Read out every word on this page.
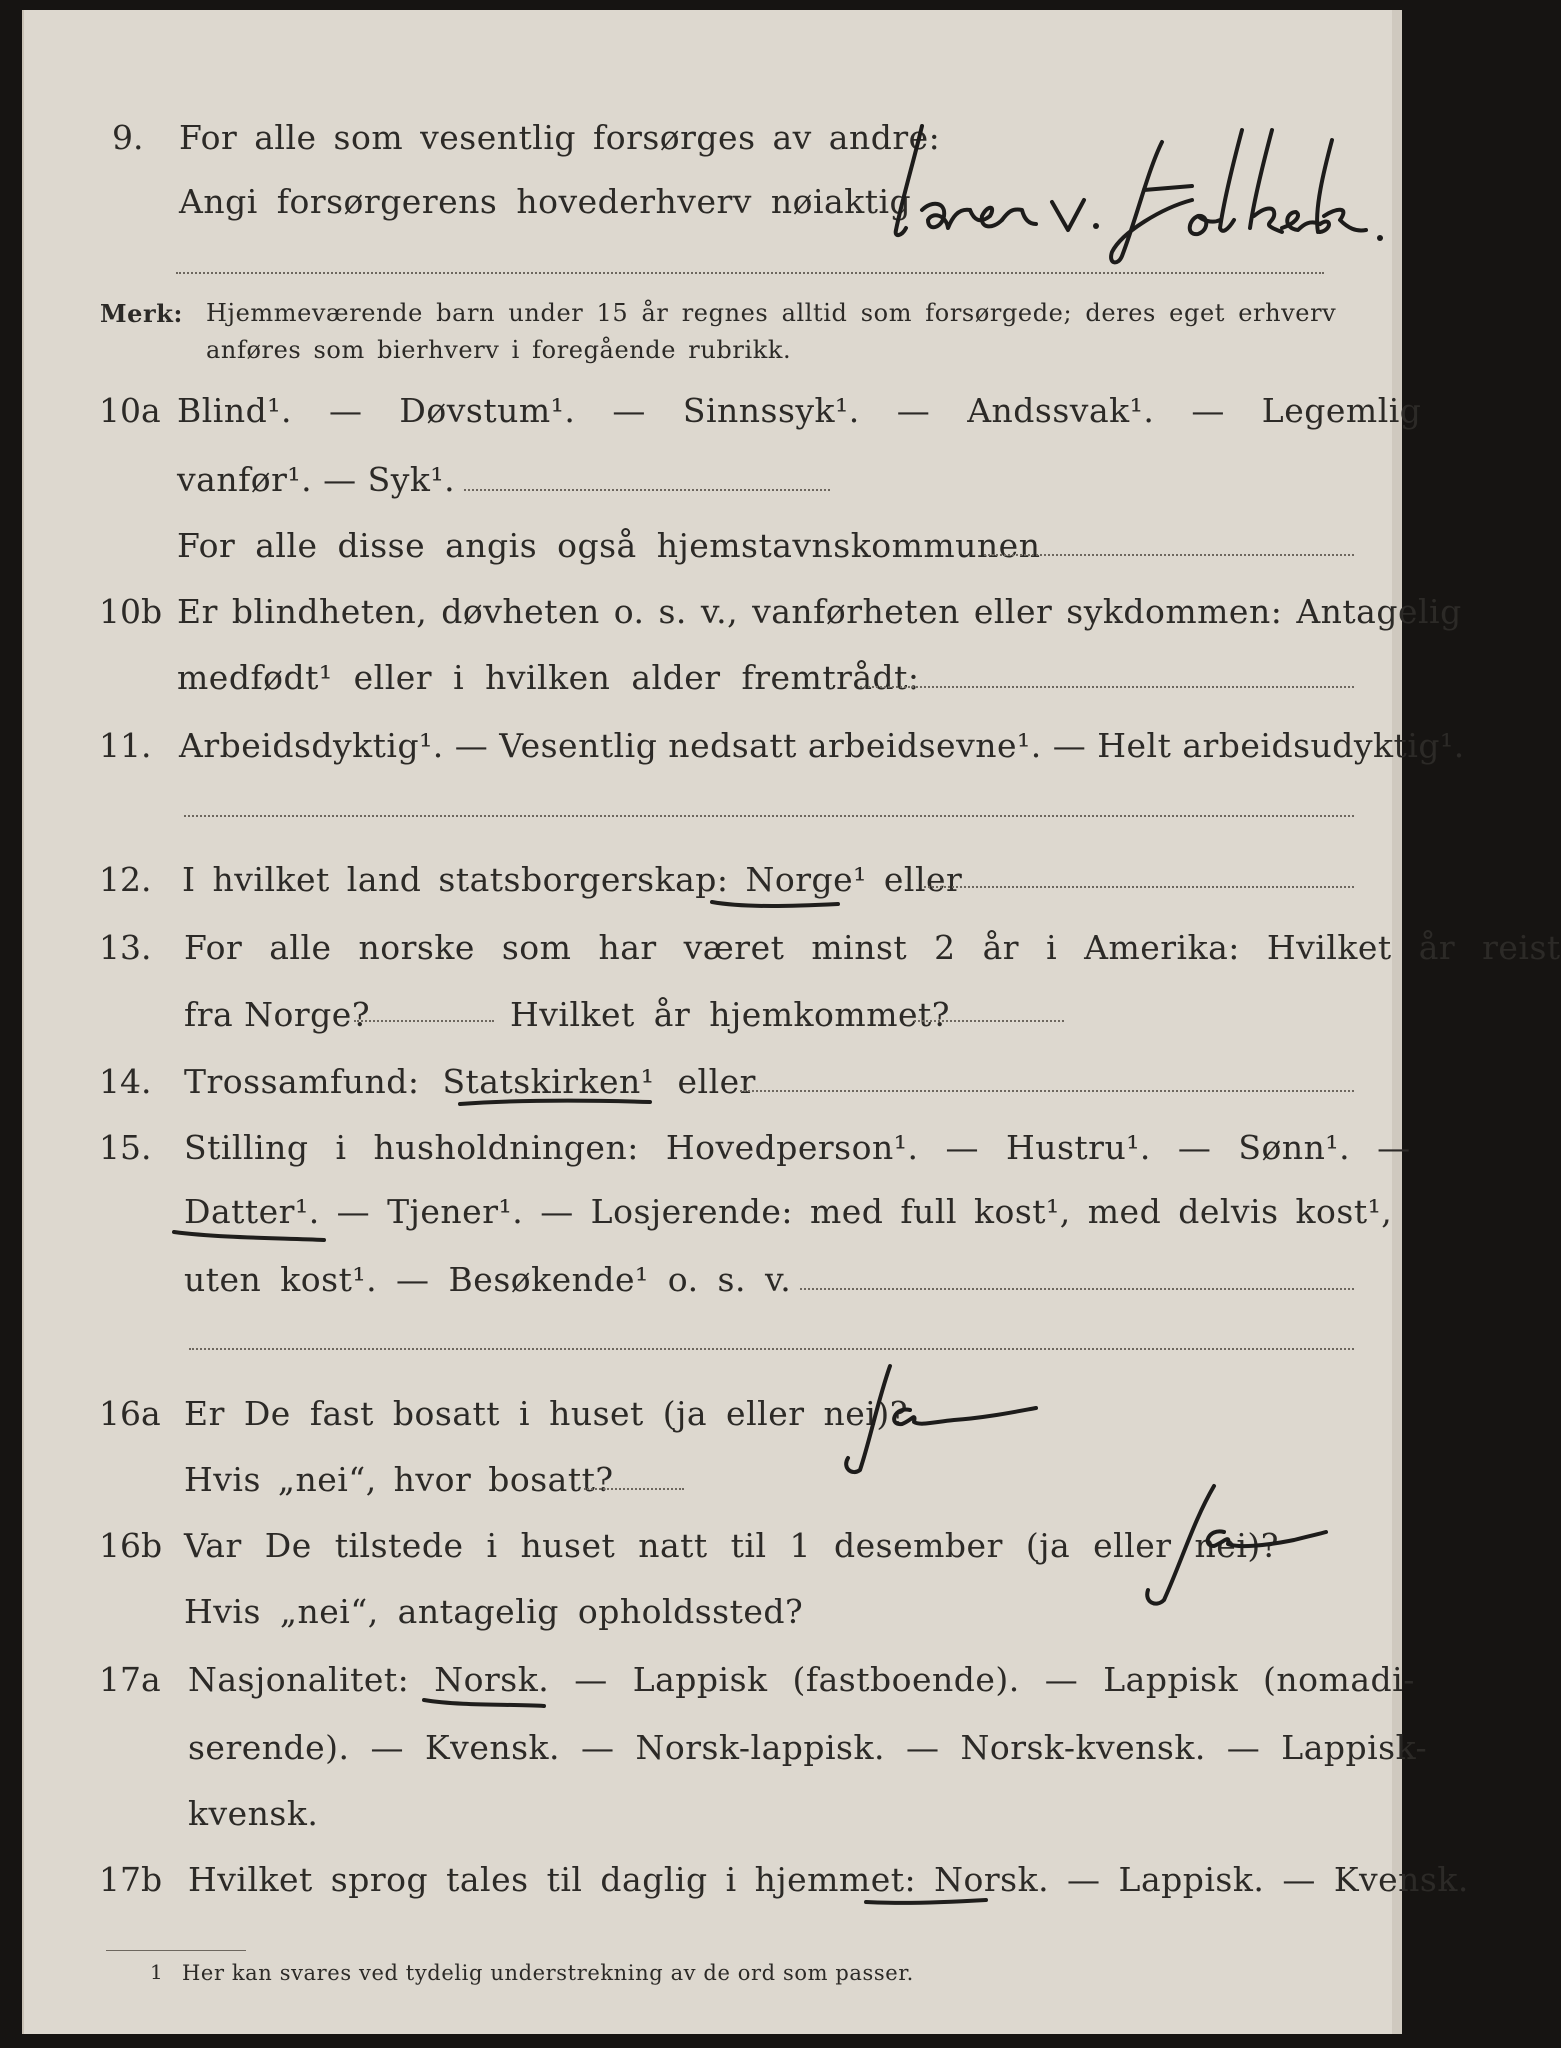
9. For alle som vesentlig forsørges av andre:
Angi forsørgerens hovederhverv nøiaktig
Merk: Hjemmeværende barn under 15 år regnes alltid som forsørgede; deres eget erhverv
anføres som bierhverv i foregående rubrikk.
10a Blind¹. — Døvstum¹. — Sinnssyk¹. — Andssvak¹. — Legemlig
vanfør¹. — Syk¹.
For alle disse angis også hjemstavnskommunen
10b Er blindheten, døvheten o. s. v., vanførheten eller sykdommen: Antagelig
medfødt¹ eller i hvilken alder fremtrådt:
11. Arbeidsdyktig¹. — Vesentlig nedsatt arbeidsevne¹. — Helt arbeidsudyktig¹.
12. I hvilket land statsborgerskap: Norge¹ eller
13. For alle norske som har været minst 2 år i Amerika: Hvilket år reist
fra Norge?	Hvilket år hjemkommet?
14. Trossamfund: Statskirken¹ eller
15. Stilling i husholdningen: Hovedperson¹. — Hustru¹. — Sønn¹. —
Datter¹. — Tjener¹. — Losjerende: med full kost¹, med delvis kost¹,
uten kost¹. — Besøkende¹ o. s. v.
16a Er De fast bosatt i huset (ja eller nei)?
Hvis „nei“, hvor bosatt?
16b Var De tilstede i huset natt til 1 desember (ja eller nei)?
Hvis „nei“, antagelig opholdssted?
17a Nasjonalitet: Norsk. — Lappisk (fastboende). — Lappisk (nomadi-
serende). — Kvensk. — Norsk-lappisk. — Norsk-kvensk. — Lappisk-
kvensk.
17b Hvilket sprog tales til daglig i hjemmet: Norsk. — Lappisk. — Kvensk.
1 Her kan svares ved tydelig understrekning av de ord som passer.
